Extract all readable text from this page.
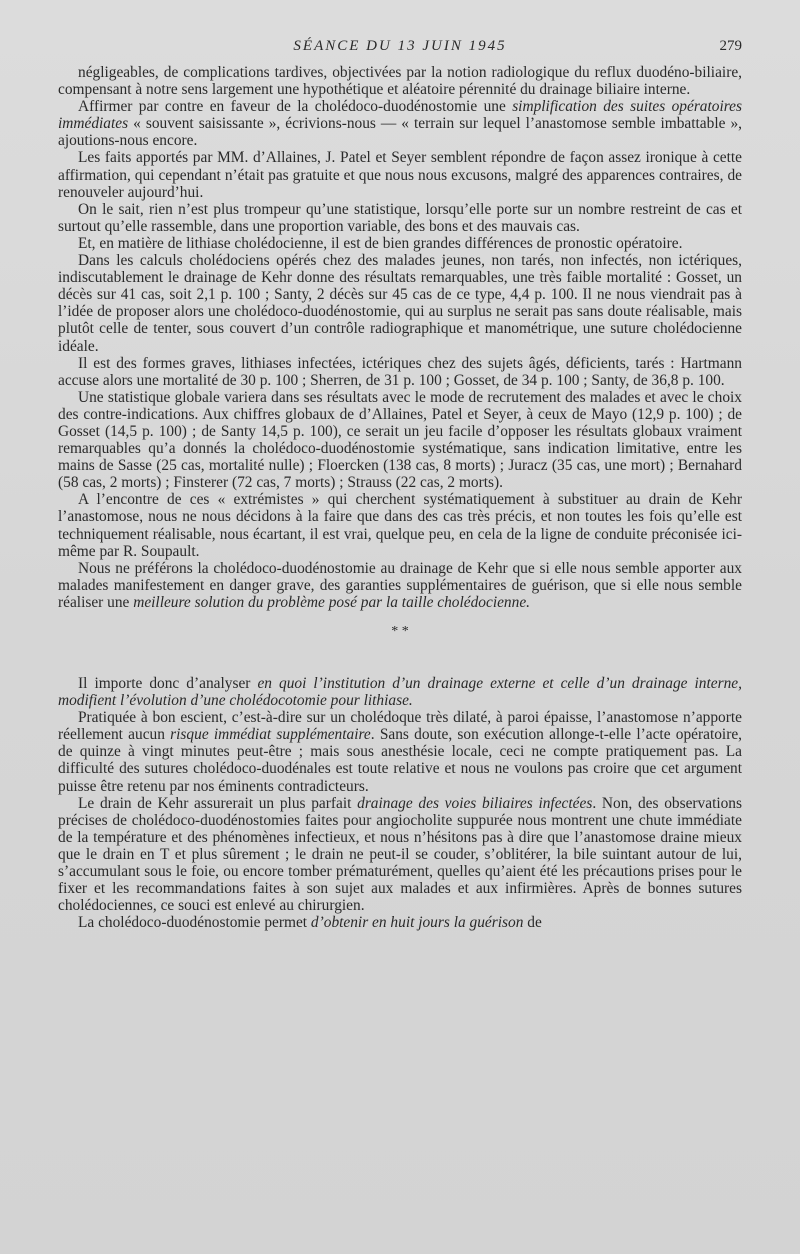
SÉANCE DU 13 JUIN 1945	279

négligeables, de complications tardives, objectivées par la notion radiologique du reflux duodéno-biliaire, compensant à notre sens largement une hypothétique et aléatoire pérennité du drainage biliaire interne.

Affirmer par contre en faveur de la cholédoco-duodénostomie une simplification des suites opératoires immédiates « souvent saisissante », écrivions-nous — « terrain sur lequel l’anastomose semble imbattable », ajoutions-nous encore.

Les faits apportés par MM. d’Allaines, J. Patel et Seyer semblent répondre de façon assez ironique à cette affirmation, qui cependant n’était pas gratuite et que nous nous excusons, malgré des apparences contraires, de renouveler aujourd’hui.

On le sait, rien n’est plus trompeur qu’une statistique, lorsqu’elle porte sur un nombre restreint de cas et surtout qu’elle rassemble, dans une proportion variable, des bons et des mauvais cas.

Et, en matière de lithiase cholédocienne, il est de bien grandes différences de pronostic opératoire.

Dans les calculs cholédociens opérés chez des malades jeunes, non tarés, non infectés, non ictériques, indiscutablement le drainage de Kehr donne des résultats remarquables, une très faible mortalité : Gosset, un décès sur 41 cas, soit 2,1 p. 100 ; Santy, 2 décès sur 45 cas de ce type, 4,4 p. 100. Il ne nous viendrait pas à l’idée de proposer alors une cholédoco-duodénostomie, qui au surplus ne serait pas sans doute réalisable, mais plutôt celle de tenter, sous couvert d’un contrôle radiographique et manométrique, une suture cholédocienne idéale.

Il est des formes graves, lithiases infectées, ictériques chez des sujets âgés, déficients, tarés : Hartmann accuse alors une mortalité de 30 p. 100 ; Sherren, de 31 p. 100 ; Gosset, de 34 p. 100 ; Santy, de 36,8 p. 100.

Une statistique globale variera dans ses résultats avec le mode de recrutement des malades et avec le choix des contre-indications. Aux chiffres globaux de d’Allaines, Patel et Seyer, à ceux de Mayo (12,9 p. 100) ; de Gosset (14,5 p. 100) ; de Santy 14,5 p. 100), ce serait un jeu facile d’opposer les résultats globaux vraiment remarquables qu’a donnés la cholédoco-duodénostomie systématique, sans indication limitative, entre les mains de Sasse (25 cas, mortalité nulle) ; Floercken (138 cas, 8 morts) ; Juracz (35 cas, une mort) ; Bernahard (58 cas, 2 morts) ; Finsterer (72 cas, 7 morts) ; Strauss (22 cas, 2 morts).

A l’encontre de ces « extrémistes » qui cherchent systématiquement à substituer au drain de Kehr l’anastomose, nous ne nous décidons à la faire que dans des cas très précis, et non toutes les fois qu’elle est techniquement réalisable, nous écartant, il est vrai, quelque peu, en cela de la ligne de conduite préconisée ici-même par R. Soupault.

Nous ne préférons la cholédoco-duodénostomie au drainage de Kehr que si elle nous semble apporter aux malades manifestement en danger grave, des garanties supplémentaires de guérison, que si elle nous semble réaliser une meilleure solution du problème posé par la taille cholédocienne.

* *

Il importe donc d’analyser en quoi l’institution d’un drainage externe et celle d’un drainage interne, modifient l’évolution d’une cholédocotomie pour lithiase.

Pratiquée à bon escient, c’est-à-dire sur un cholédoque très dilaté, à paroi épaisse, l’anastomose n’apporte réellement aucun risque immédiat supplémentaire. Sans doute, son exécution allonge-t-elle l’acte opératoire, de quinze à vingt minutes peut-être ; mais sous anesthésie locale, ceci ne compte pratiquement pas. La difficulté des sutures cholédoco-duodénales est toute relative et nous ne voulons pas croire que cet argument puisse être retenu par nos éminents contradicteurs.

Le drain de Kehr assurerait un plus parfait drainage des voies biliaires infectées. Non, des observations précises de cholédoco-duodénostomies faites pour angiocholite suppurée nous montrent une chute immédiate de la température et des phénomènes infectieux, et nous n’hésitons pas à dire que l’anastomose draine mieux que le drain en T et plus sûrement ; le drain ne peut-il se couder, s’oblitérer, la bile suintant autour de lui, s’accumulant sous le foie, ou encore tomber prématurément, quelles qu’aient été les précautions prises pour le fixer et les recommandations faites à son sujet aux malades et aux infirmières. Après de bonnes sutures cholédociennes, ce souci est enlevé au chirurgien.

La cholédoco-duodénostomie permet d’obtenir en huit jours la guérison de
